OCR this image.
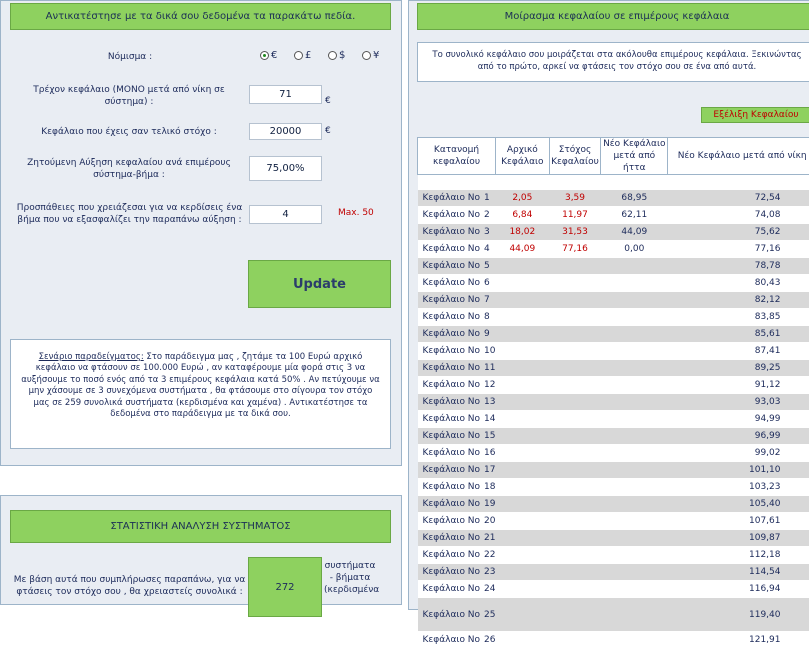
Αντικατέστησε με τα δικά σου δεδομένα τα παρακάτω πεδία.
Νόμισμα :	€	£	$	¥
Τρέχον κεφάλαιο (ΜΟΝΟ μετά από νίκη σε σύστημα) :
71
€
Κεφάλαιο που έχεις σαν τελικό στόχο :	20000	€
Ζητούμενη Αύξηση κεφαλαίου ανά επιμέρους σύστημα-βήμα :
75,00%
Προσπάθειες που χρειάζεσαι για να κερδίσεις ένα βήμα που να εξασφαλίζει την παραπάνω αύξηση :	4	Max. 50
Update
Σενάριο παραδείγματος: Στο παράδειγμα μας , ζητάμε τα 100 Ευρώ αρχικό κεφάλαιο να φτάσουν σε 100.000 Ευρώ , αν καταφέρουμε μία φορά στις 3 να αυξήσουμε το ποσό ενός από τα 3 επιμέρους κεφάλαια κατά 50% . Αν πετύχουμε να μην χάσουμε σε 3 συνεχόμενα συστήματα , θα φτάσουμε στο σίγουρα τον στόχο μας σε 259 συνολικά συστήματα (κερδισμένα και χαμένα) . Αντικατέστησε τα δεδομένα στο παράδειγμα με τα δικά σου.
ΣΤΑΤΙΣΤΙΚΗ ΑΝΑΛΥΣΗ ΣΥΣΤΗΜΑΤΟΣ
Με βάση αυτά που συμπλήρωσες παραπάνω, για να φτάσεις τον στόχο σου , θα χρειαστείς συνολικά :	272
συστήματα - βήματα (κερδισμένα
Μοίρασμα κεφαλαίου σε επιμέρους κεφάλαια
Το συνολικό κεφάλαιο σου μοιράζεται στα ακόλουθα επιμέρους κεφάλαια. Ξεκινώντας από το πρώτο, αρκεί να φτάσεις τον στόχο σου σε ένα από αυτά.
Εξέλιξη Κεφαλαίου
Κατανομή κεφαλαίου	Αρχικό Κεφάλαιο	Στόχος Κεφαλαίου	Νέο Κεφάλαιο μετά από ήττα	Νέο Κεφάλαιο μετά από νίκη

Κεφάλαιο Νο 1	2,05	3,59	68,95	72,54
Κεφάλαιο Νο 2	6,84	11,97	62,11	74,08
Κεφάλαιο Νο 3	18,02	31,53	44,09	75,62
Κεφάλαιο Νο 4	44,09	77,16	0,00	77,16
Κεφάλαιο Νο 5				78,78
Κεφάλαιο Νο 6				80,43
Κεφάλαιο Νο 7				82,12
Κεφάλαιο Νο 8				83,85
Κεφάλαιο Νο 9				85,61
Κεφάλαιο Νο 10				87,41
Κεφάλαιο Νο 11				89,25
Κεφάλαιο Νο 12				91,12
Κεφάλαιο Νο 13				93,03
Κεφάλαιο Νο 14				94,99
Κεφάλαιο Νο 15				96,99
Κεφάλαιο Νο 16				99,02
Κεφάλαιο Νο 17				101,10
Κεφάλαιο Νο 18				103,23
Κεφάλαιο Νο 19				105,40
Κεφάλαιο Νο 20				107,61
Κεφάλαιο Νο 21				109,87
Κεφάλαιο Νο 22				112,18
Κεφάλαιο Νο 23				114,54
Κεφάλαιο Νο 24				116,94
Κεφάλαιο Νο 25				119,40
Κεφάλαιο Νο 26				121,91
